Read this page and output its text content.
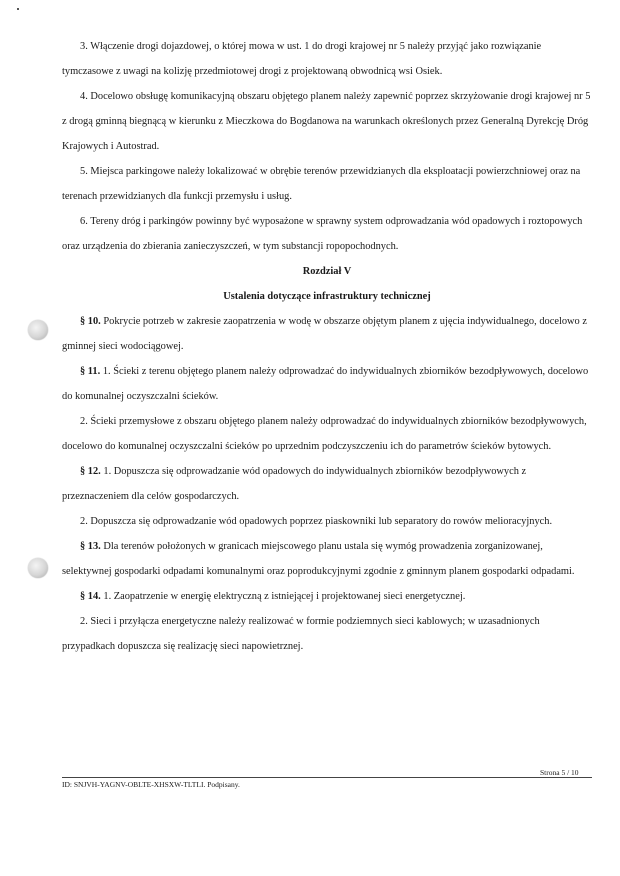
3. Włączenie drogi dojazdowej, o której mowa w ust. 1 do drogi krajowej nr 5 należy przyjąć jako rozwiązanie tymczasowe z uwagi na kolizję przedmiotowej drogi z projektowaną obwodnicą wsi Osiek.

4. Docelowo obsługę komunikacyjną obszaru objętego planem należy zapewnić poprzez skrzyżowanie drogi krajowej nr 5 z drogą gminną biegnącą w kierunku z Mieczkowa do Bogdanowa na warunkach określonych przez Generalną Dyrekcję Dróg Krajowych i Autostrad.

5. Miejsca parkingowe należy lokalizować w obrębie terenów przewidzianych dla eksploatacji powierzchniowej oraz na terenach przewidzianych dla funkcji przemysłu i usług.

6. Tereny dróg i parkingów powinny być wyposażone w sprawny system odprowadzania wód opadowych i roztopowych oraz urządzenia do zbierania zanieczyszczeń, w tym substancji ropopochodnych.

Rozdział V

Ustalenia dotyczące infrastruktury technicznej

§ 10. Pokrycie potrzeb w zakresie zaopatrzenia w wodę w obszarze objętym planem z ujęcia indywidualnego, docelowo z gminnej sieci wodociągowej.

§ 11. 1. Ścieki z terenu objętego planem należy odprowadzać do indywidualnych zbiorników bezodpływowych, docelowo do komunalnej oczyszczalni ścieków.

2. Ścieki przemysłowe z obszaru objętego planem należy odprowadzać do indywidualnych zbiorników bezodpływowych, docelowo do komunalnej oczyszczalni ścieków po uprzednim podczyszczeniu ich do parametrów ścieków bytowych.

§ 12. 1. Dopuszcza się odprowadzanie wód opadowych do indywidualnych zbiorników bezodpływowych z przeznaczeniem dla celów gospodarczych.

2. Dopuszcza się odprowadzanie wód opadowych poprzez piaskowniki lub separatory do rowów melioracyjnych.

§ 13. Dla terenów położonych w granicach miejscowego planu ustala się wymóg prowadzenia zorganizowanej, selektywnej gospodarki odpadami komunalnymi oraz poprodukcyjnymi zgodnie z gminnym planem gospodarki odpadami.

§ 14. 1. Zaopatrzenie w energię elektryczną z istniejącej i projektowanej sieci energetycznej.

2. Sieci i przyłącza energetyczne należy realizować w formie podziemnych sieci kablowych; w uzasadnionych przypadkach dopuszcza się realizację sieci napowietrznej.

Strona 5 / 10
ID: SNJVH-YAGNV-OBLTE-XHSXW-TLTLI. Podpisany.
